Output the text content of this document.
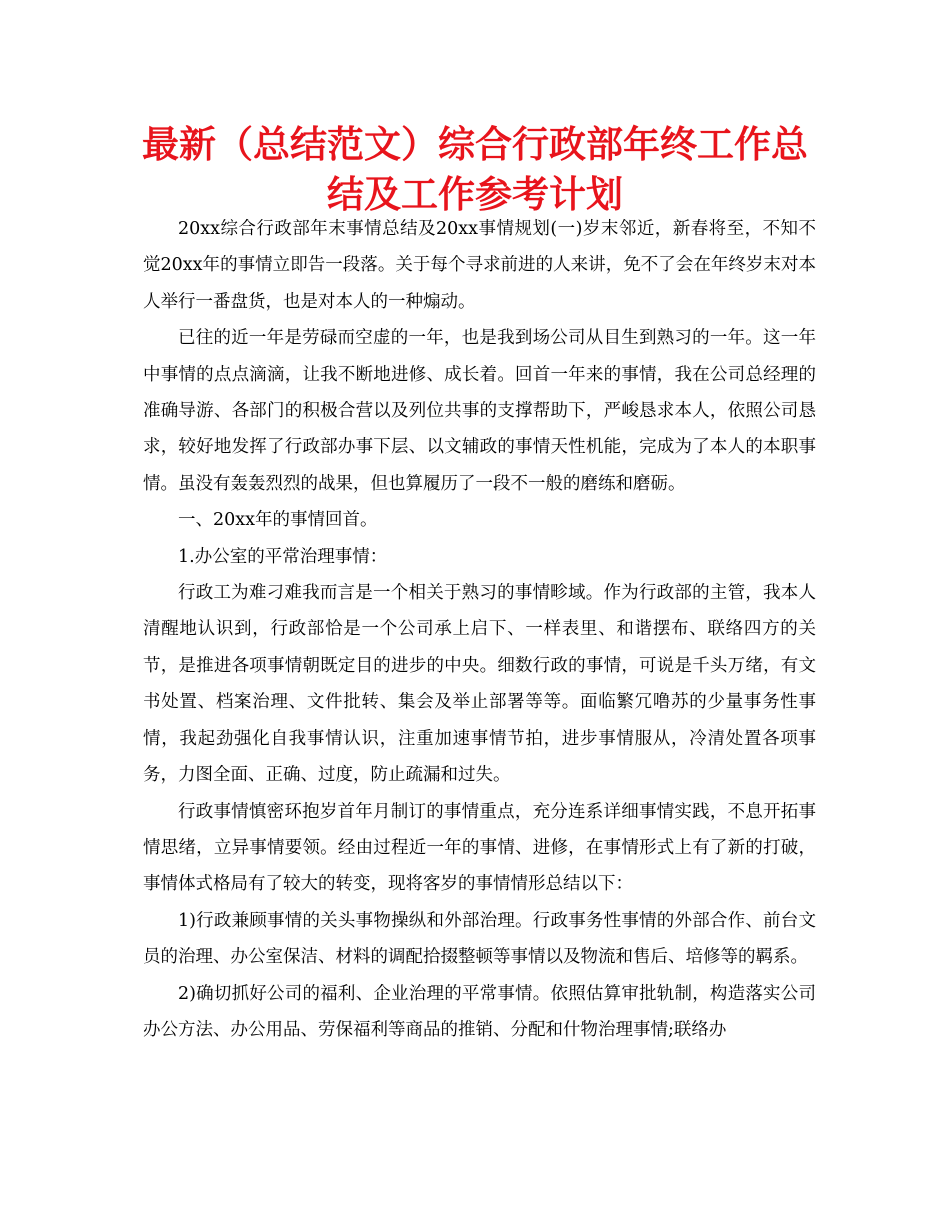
最新（总结范文）综合行政部年终工作总
结及工作参考计划

20xx综合行政部年末事情总结及20xx事情规划(一)岁末邻近，新春将至，不知不觉20xx年的事情立即告一段落。关于每个寻求前进的人来讲，免不了会在年终岁末对本人举行一番盘货，也是对本人的一种煽动。

已往的近一年是劳碌而空虚的一年，也是我到场公司从目生到熟习的一年。这一年中事情的点点滴滴，让我不断地进修、成长着。回首一年来的事情，我在公司总经理的准确导游、各部门的积极合营以及列位共事的支撑帮助下，严峻恳求本人，依照公司恳求，较好地发挥了行政部办事下层、以文辅政的事情天性机能，完成为了本人的本职事情。虽没有轰轰烈烈的战果，但也算履历了一段不一般的磨练和磨砺。

一、20xx年的事情回首。

1.办公室的平常治理事情：

行政工为难刁难我而言是一个相关于熟习的事情畛域。作为行政部的主管，我本人清醒地认识到，行政部恰是一个公司承上启下、一样表里、和谐摆布、联络四方的关节，是推进各项事情朝既定目的进步的中央。细数行政的事情，可说是千头万绪，有文书处置、档案治理、文件批转、集会及举止部署等等。面临繁冗噜苏的少量事务性事情，我起劲强化自我事情认识，注重加速事情节拍，进步事情服从，冷清处置各项事务，力图全面、正确、过度，防止疏漏和过失。

行政事情慎密环抱岁首⁯年月制订的事情重点，充分连系详细事情实践，不息开拓事情思绪，立异事情要领。经由过程近一年的事情、进修，在事情形式上有了新的打破，事情体式格局有了较大的转变，现将客岁的事情情形总结以下：

1)行政兼顾事情的关头事物操纵和外部治理。行政事务性事情的外部合作、前台文员的治理、办公室保洁、材料的调配拾掇整顿等事情以及物流和售后、培修等的羁系。

2)确切抓好公司的福利、企业治理的平常事情。依照估算审批轨制，构造落实公司办公方法、办公用品、劳保福利等商品的推销、分配和什物治理事情;联络办
